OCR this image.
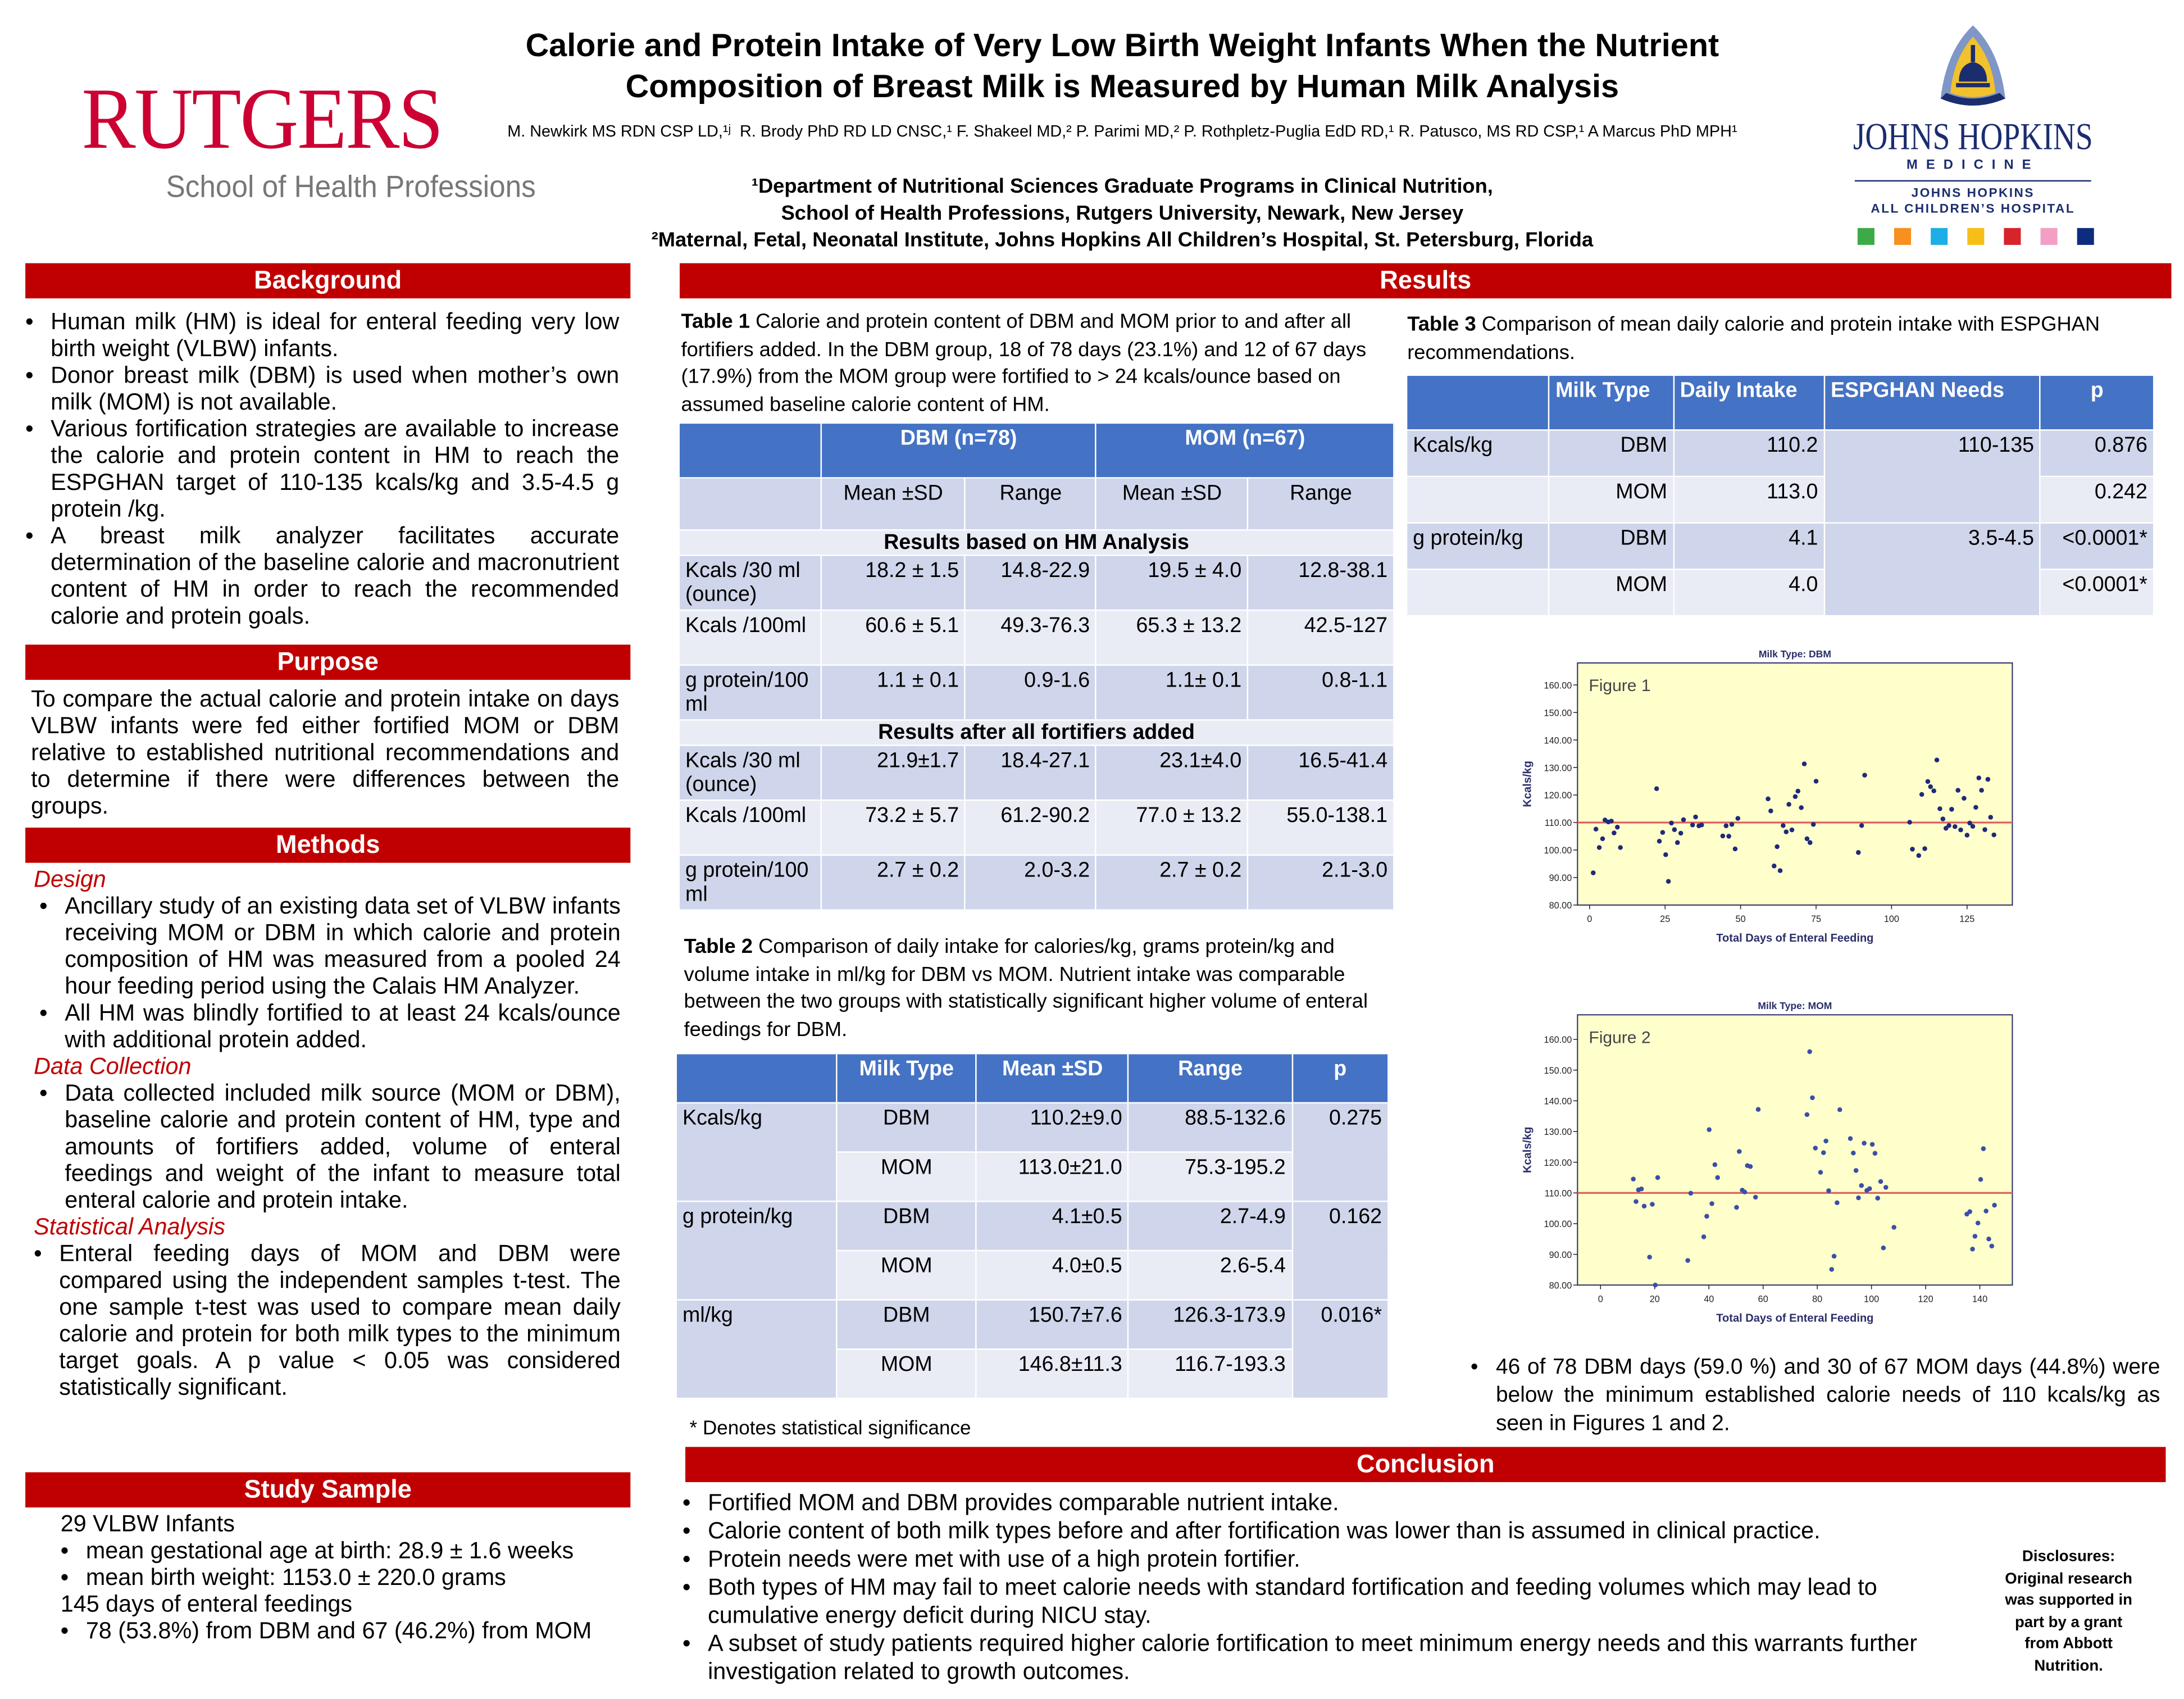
RUTGERS
School of Health Professions
Calorie and Protein Intake of Very Low Birth Weight Infants When the Nutrient
Composition of Breast Milk is Measured by Human Milk Analysis
M. Newkirk MS RDN CSP LD,¹ʲ  R. Brody PhD RD LD CNSC,¹ F. Shakeel MD,² P. Parimi MD,² P. Rothpletz-Puglia EdD RD,¹ R. Patusco, MS RD CSP,¹ A Marcus PhD MPH¹
¹Department of Nutritional Sciences Graduate Programs in Clinical Nutrition,
School of Health Professions, Rutgers University, Newark, New Jersey
²Maternal, Fetal, Neonatal Institute, Johns Hopkins All Children’s Hospital, St. Petersburg, Florida
JOHNS HOPKINS
MEDICINE
JOHNS HOPKINS
ALL CHILDREN’S HOSPITAL
Background
• Human milk (HM) is ideal for enteral feeding very low birth weight (VLBW) infants.
• Donor breast milk (DBM) is used when mother’s own milk (MOM) is not available.
• Various fortification strategies are available to increase the calorie and protein content in HM to reach the ESPGHAN target of 110-135 kcals/kg and 3.5-4.5 g protein /kg.
• A breast milk analyzer facilitates accurate determination of the baseline calorie and macronutrient content of HM in order to reach the recommended calorie and protein goals.
Purpose
To compare the actual calorie and protein intake on days VLBW infants were fed either fortified MOM or DBM relative to established nutritional recommendations and to determine if there were differences between the groups.
Methods
Design
• Ancillary study of an existing data set of VLBW infants receiving MOM or DBM in which calorie and protein composition of HM was measured from a pooled 24 hour feeding period using the Calais HM Analyzer.
• All HM was blindly fortified to at least 24 kcals/ounce with additional protein added.
Data Collection
• Data collected included milk source (MOM or DBM), baseline calorie and protein content of HM, type and amounts of fortifiers added, volume of enteral feedings and weight of the infant to measure total enteral calorie and protein intake.
Statistical Analysis
• Enteral feeding days of MOM and DBM were compared using the independent samples t-test. The one sample t-test was used to compare mean daily calorie and protein for both milk types to the minimum target goals. A p value < 0.05 was considered statistically significant.
Study Sample
29 VLBW Infants
• mean gestational age at birth: 28.9 ± 1.6 weeks
• mean birth weight: 1153.0 ± 220.0 grams
145 days of enteral feedings
• 78 (53.8%) from DBM and 67 (46.2%) from MOM
Results
Table 1 Calorie and protein content of DBM and MOM prior to and after all fortifiers added. In the DBM group, 18 of 78 days (23.1%) and 12 of 67 days (17.9%) from the MOM group were fortified to > 24 kcals/ounce based on assumed baseline calorie content of HM.
	DBM (n=78)		MOM (n=67)	
	Mean ±SD	Range	Mean ±SD	Range
Results based on HM Analysis				
Kcals /30 ml (ounce)	18.2 ± 1.5	14.8-22.9	19.5 ± 4.0	12.8-38.1
Kcals /100ml	60.6 ± 5.1	49.3-76.3	65.3 ± 13.2	42.5-127
g protein/100 ml	1.1 ± 0.1	0.9-1.6	1.1± 0.1	0.8-1.1
Results after all fortifiers added				
Kcals /30 ml (ounce)	21.9±1.7	18.4-27.1	23.1±4.0	16.5-41.4
Kcals /100ml	73.2 ± 5.7	61.2-90.2	77.0 ± 13.2	55.0-138.1
g protein/100 ml	2.7 ± 0.2	2.0-3.2	2.7 ± 0.2	2.1-3.0
Table 2 Comparison of daily intake for calories/kg, grams protein/kg and volume intake in ml/kg for DBM vs MOM. Nutrient intake was comparable between the two groups with statistically significant higher volume of enteral feedings for DBM.
	Milk Type	Mean ±SD	Range	p
Kcals/kg	DBM	110.2±9.0	88.5-132.6	0.275
	MOM	113.0±21.0	75.3-195.2	
g protein/kg	DBM	4.1±0.5	2.7-4.9	0.162
	MOM	4.0±0.5	2.6-5.4	
ml/kg	DBM	150.7±7.6	126.3-173.9	0.016*
	MOM	146.8±11.3	116.7-193.3	
* Denotes statistical significance
Table 3 Comparison of mean daily calorie and protein intake with ESPGHAN recommendations.
	Milk Type	Daily Intake	ESPGHAN Needs	p
Kcals/kg	DBM	110.2	110-135	0.876
	MOM	113.0		0.242
g protein/kg	DBM	4.1	3.5-4.5	<0.0001*
	MOM	4.0		<0.0001*
Milk Type: DBM
Figure 1
80.00
90.00
100.00
110.00
120.00
130.00
140.00
150.00
160.00
0	25	50	75	100	125
Total Days of Enteral Feeding
Kcals/kg
Milk Type: MOM
Figure 2
80.00
90.00
100.00
110.00
120.00
130.00
140.00
150.00
160.00
0	20	40	60	80	100	120	140
Total Days of Enteral Feeding
Kcals/kg
• 46 of 78 DBM days (59.0 %) and 30 of 67 MOM days (44.8%) were below the minimum established calorie needs of 110 kcals/kg as seen in Figures 1 and 2.
Conclusion
• Fortified MOM and DBM provides comparable nutrient intake.
• Calorie content of both milk types before and after fortification was lower than is assumed in clinical practice.
• Protein needs were met with use of a high protein fortifier.
• Both types of HM may fail to meet calorie needs with standard fortification and feeding volumes which may lead to cumulative energy deficit during NICU stay.
• A subset of study patients required higher calorie fortification to meet minimum energy needs and this warrants further investigation related to growth outcomes.
Disclosures: Original research was supported in part by a grant from Abbott Nutrition.
